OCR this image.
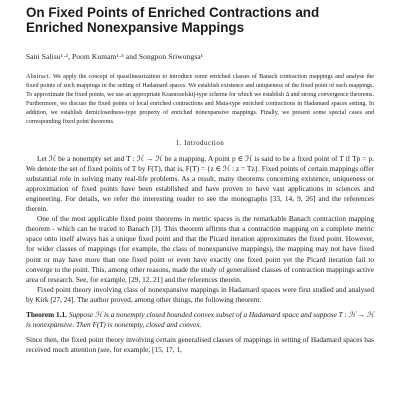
On Fixed Points of Enriched Contractions and Enriched Nonexpansive Mappings
Sani Salisu¹·², Poom Kumam¹·³ and Songpon Sriwongsa¹
Abstract. We apply the concept of quasilinearization to introduce some enriched classes of Banach contraction mappings and analyse the fixed points of such mappings in the setting of Hadamard spaces. We establish existence and uniqueness of the fixed point of such mappings. To approximate the fixed points, we use an appropriate Krasnoselskij-type scheme for which we establish Δ and strong convergence theorems. Furthermore, we discuss the fixed points of local enriched contractions and Maia-type enriched contractions in Hadamard spaces setting. In addition, we establish demiclosedness-type property of enriched nonexpansive mappings. Finally, we present some special cases and corresponding fixed point theorems.
1. Introduction

Let ℋ be a nonempty set and T : ℋ → ℋ be a mapping. A point p ∈ ℋ is said to be a fixed point of T if Tp = p. We denote the set of fixed points of T by F(T), that is, F(T) = {z ∈ ℋ : z = Tz}. Fixed points of certain mappings offer substantial role in solving many real-life problems. As a result, many theorems concerning existence, uniqueness or approximation of fixed points have been established and have proven to have vast applications in sciences and engineering. For details, we refer the interesting reader to see the monographs [33, 14, 9, 26] and the references therein.

One of the most applicable fixed point theorems in metric spaces is the remarkable Banach contraction mapping theorem - which can be traced to Banach [3]. This theorem affirms that a contraction mapping on a complete metric space onto itself always has a unique fixed point and that the Picard iteration approximates the fixed point. However, for wider classes of mappings (for example, the class of nonexpansive mappings), the mapping may not have fixed point or may have more than one fixed point or even have exactly one fixed point yet the Picard iteration fail to converge to the point. This, among other reasons, made the study of generalised classes of contraction mappings active area of research. See, for example, [29, 12, 21] and the references therein.

Fixed point theory involving class of nonexpansive mappings in Hadamard spaces were first studied and analysed by Kirk [27, 24]. The author proved, among other things, the following theorem.

Theorem 1.1. Suppose ℋ is a nonempty closed bounded convex subset of a Hadamard space and suppose T : ℋ → ℋ is nonexpansive. Then F(T) is nonempty, closed and convex.

Since then, the fixed point theory involving certain generalised classes of mappings in setting of Hadamard spaces has received much attention (see, for example, [15, 17, 1,
